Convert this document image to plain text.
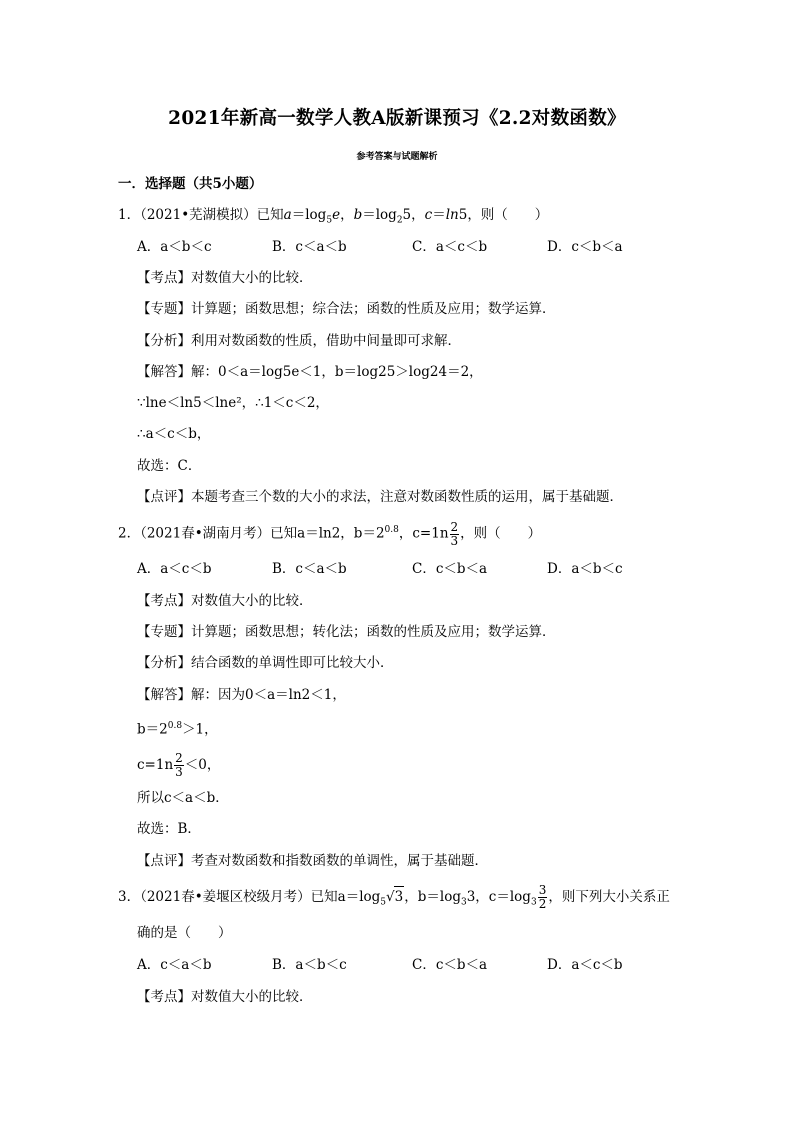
2021年新高一数学人教A版新课预习《2.2对数函数》
参考答案与试题解析
一．选择题（共5小题）
1．（2021•芜湖模拟）已知$a=\log_5e$，$b=\log_25$，c＝ln5，则（　　）
A．a＜b＜c	B．c＜a＜b	C．a＜c＜b	D．c＜b＜a
【考点】对数值大小的比较．
【专题】计算题；函数思想；综合法；函数的性质及应用；数学运算．
【分析】利用对数函数的性质，借助中间量即可求解．
【解答】解：0＜a＝log5e＜1，b＝log25＞log24＝2，
∵lne＜ln5＜lne²，∴1＜c＜2，
∴a＜c＜b，
故选：C．
【点评】本题考查三个数的大小的求法，注意对数函数性质的运用，属于基础题．
2．（2021春•湖南月考）已知a＝ln2，$b=2^{0.8}$，$c=1n \frac{2}{3}$ ，则（　　）
A．a＜c＜b	B．c＜a＜b	C．c＜b＜a	D．a＜b＜c
【考点】对数值大小的比较．
【专题】计算题；函数思想；转化法；函数的性质及应用；数学运算．
【分析】结合函数的单调性即可比较大小．
【解答】解：因为0＜a＝ln2＜1，
$b=2^{0.8}>1$，
$c=1n \frac{2}{3} <0$，
所以c＜a＜b．
故选：B．
【点评】考查对数函数和指数函数的单调性，属于基础题．
3．（2021春•姜堰区校级月考）已知$a=\log_5√3$，$b=\log_33$，$c=\log_3 \frac{3}{2}$ ，则下列大小关系正
确的是（　　）
A．c＜a＜b	B．a＜b＜c	C．c＜b＜a	D．a＜c＜b
【考点】对数值大小的比较．
